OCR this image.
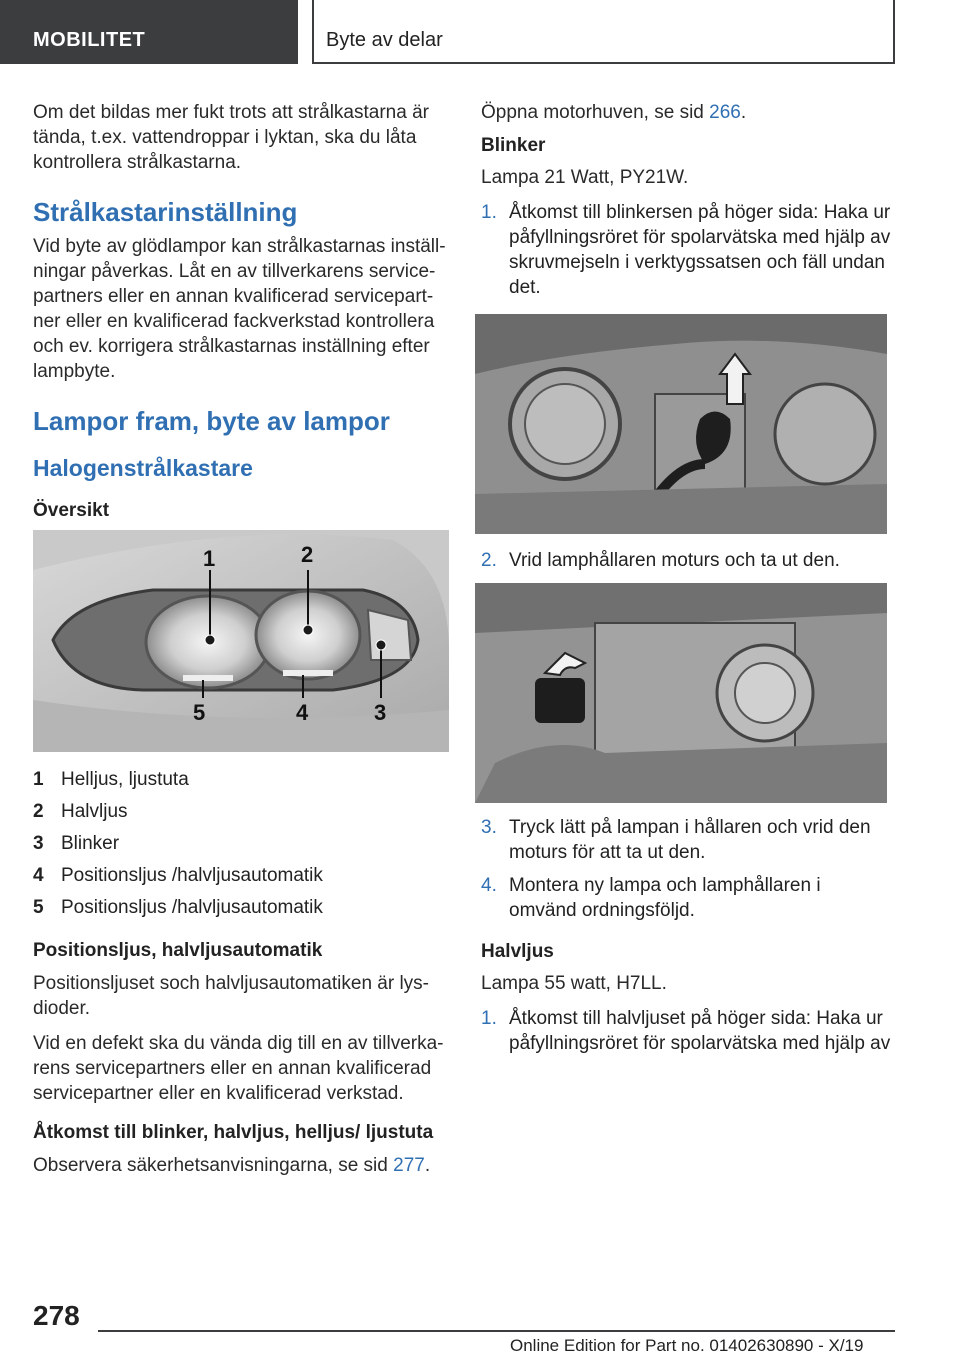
MOBILITET	Byte av delar

Om det bildas mer fukt trots att strålkastarna är tända, t.ex. vattendroppar i lyktan, ska du låta kontrollera strålkastarna.

Strålkastarinställning

Vid byte av glödlampor kan strålkastarnas inställ- ningar påverkas. Låt en av tillverkarens service- partners eller en annan kvalificerad servicepart- ner eller en kvalificerad fackverkstad kontrollera och ev. korrigera strålkastarnas inställning efter lampbyte.

Lampor fram, byte av lampor
Halogenstrålkastare
Översikt
1	2
3
4
5
1 Helljus, ljustuta
2 Halvljus
3 Blinker
4 Positionsljus /halvljusautomatik
5 Positionsljus /halvljusautomatik
Positionsljus, halvljusautomatik

Positionsljuset soch halvljusautomatiken är lys- dioder.

Vid en defekt ska du vända dig till en av tillverka- rens servicepartners eller en annan kvalificerad servicepartner eller en kvalificerad verkstad.

Åtkomst till blinker, halvljus, helljus/ ljustuta

Observera säkerhetsanvisningarna, se sid 277.

Öppna motorhuven, se sid 266.

Blinker

Lampa 21 Watt, PY21W.

1. Åtkomst till blinkersen på höger sida: Haka ur påfyllningsröret för spolarvätska med hjälp av skruvmejseln i verktygssatsen och fäll undan det.
2. Vrid lamphållaren moturs och ta ut den.
3. Tryck lätt på lampan i hållaren och vrid den moturs för att ta ut den.
4. Montera ny lampa och lamphållaren i omvänd ordningsföljd.
Halvljus

Lampa 55 watt, H7LL.

1. Åtkomst till halvljuset på höger sida: Haka ur påfyllningsröret för spolarvätska med hjälp av
278
Online Edition for Part no. 01402630890 - X/19
